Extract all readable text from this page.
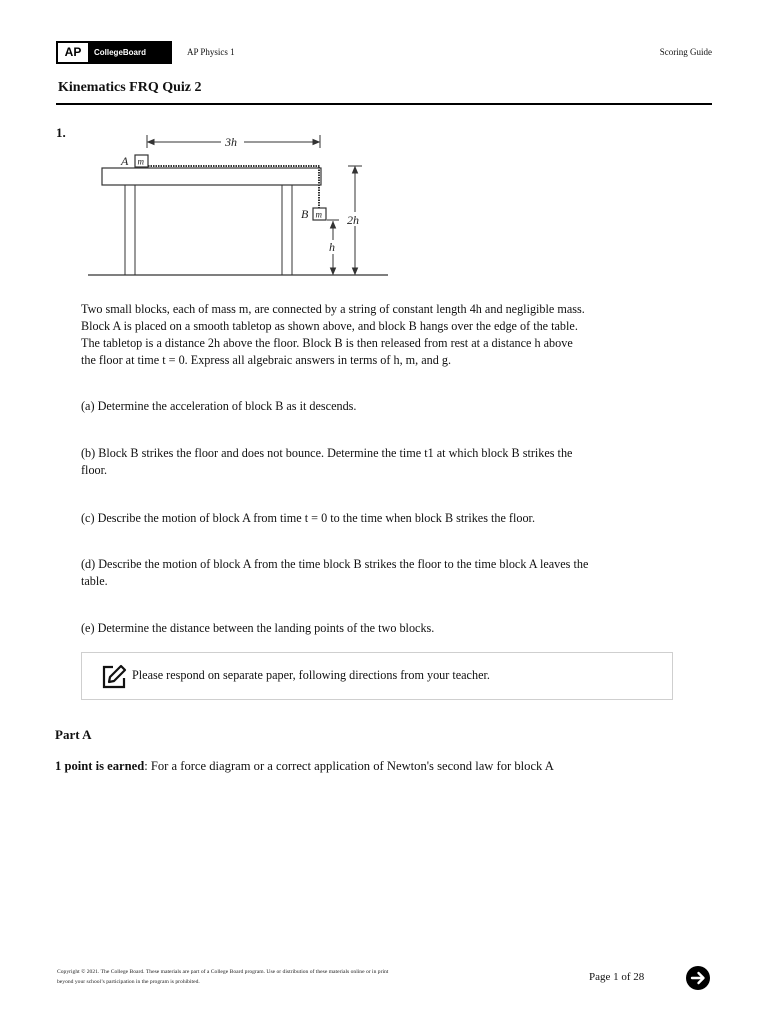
AP	CollegeBoard	AP Physics 1	Scoring Guide
Kinematics FRQ Quiz 2
1.
3h
A m
B m 2h
h
Two small blocks, each of mass m, are connected by a string of constant length 4h and negligible mass.
Block A is placed on a smooth tabletop as shown above, and block B hangs over the edge of the table.
The tabletop is a distance 2h above the floor. Block B is then released from rest at a distance h above
the floor at time t = 0. Express all algebraic answers in terms of h, m, and g.
(a) Determine the acceleration of block B as it descends.
(b) Block B strikes the floor and does not bounce. Determine the time t1 at which block B strikes the
floor.
(c) Describe the motion of block A from time t = 0 to the time when block B strikes the floor.
(d) Describe the motion of block A from the time block B strikes the floor to the time block A leaves the
table.
(e) Determine the distance between the landing points of the two blocks.
Please respond on separate paper, following directions from your teacher.
Part A
1 point is earned: For a force diagram or a correct application of Newton's second law for block A
Copyright © 2021. The College Board. These materials are part of a College Board program. Use or distribution of these materials online or in print
beyond your school’s participation in the program is prohibited.	Page 1 of 28
